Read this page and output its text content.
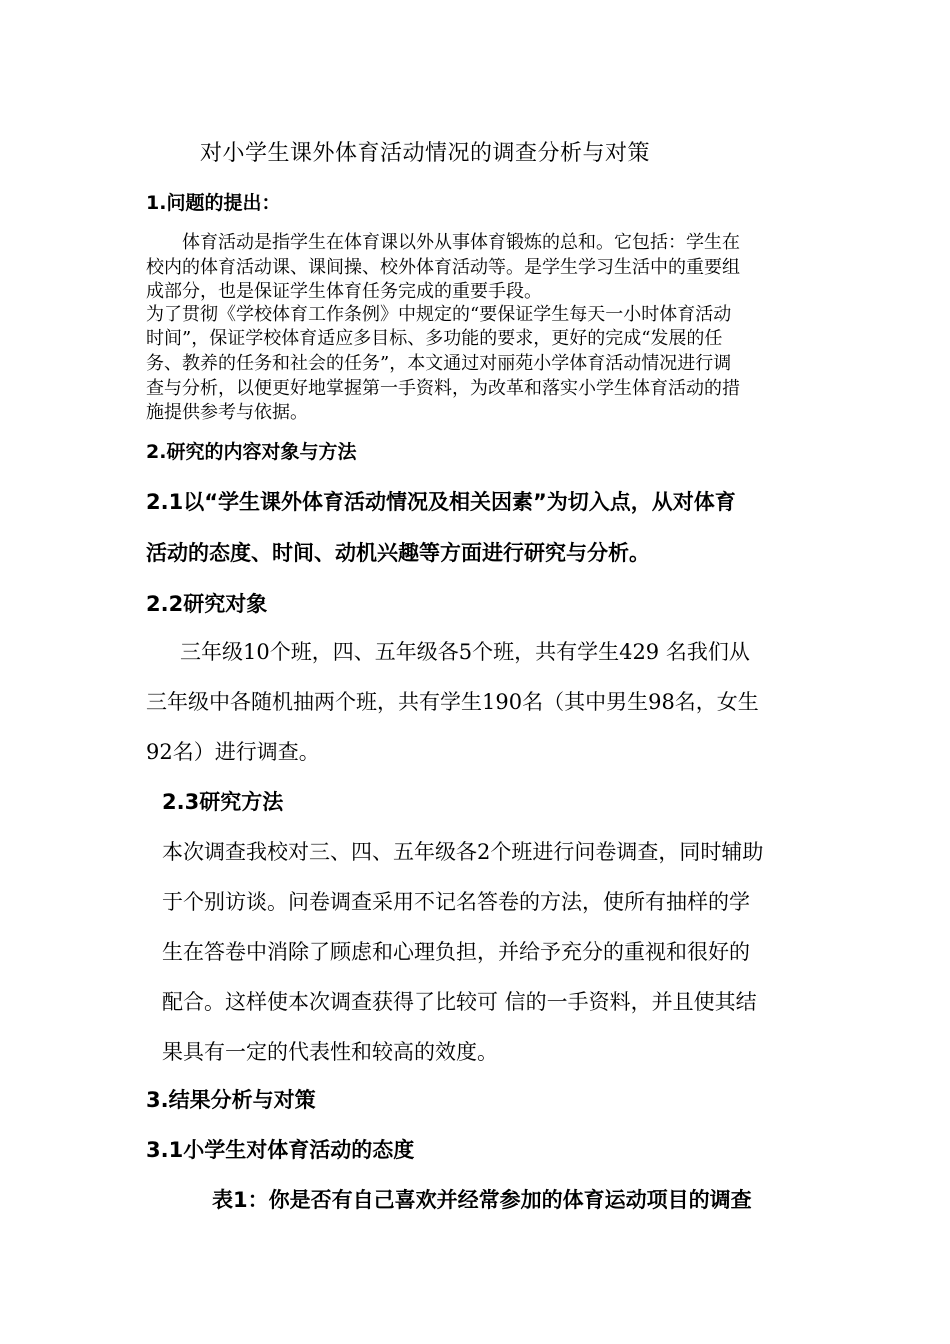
对小学生课外体育活动情况的调查分析与对策
1.问题的提出：
　　体育活动是指学生在体育课以外从事体育锻炼的总和。它包括：学生在
校内的体育活动课、课间操、校外体育活动等。是学生学习生活中的重要组
成部分，也是保证学生体育任务完成的重要手段。
为了贯彻《学校体育工作条例》中规定的“要保证学生每天一小时体育活动
时间”，保证学校体育适应多目标、多功能的要求，更好的完成“发展的任
务、教养的任务和社会的任务”，本文通过对丽苑小学体育活动情况进行调
查与分析，以便更好地掌握第一手资料，为改革和落实小学生体育活动的措
施提供参考与依据。
2.研究的内容对象与方法
2.1以“学生课外体育活动情况及相关因素”为切入点，从对体育
活动的态度、时间、动机兴趣等方面进行研究与分析。
2.2研究对象
三年级10个班，四、五年级各5个班，共有学生429 名我们从
三年级中各随机抽两个班，共有学生190名（其中男生98名，女生
92名）进行调查。
2.3研究方法
本次调查我校对三、四、五年级各2个班进行问卷调查，同时辅助
于个别访谈。问卷调查采用不记名答卷的方法，使所有抽样的学
生在答卷中消除了顾虑和心理负担，并给予充分的重视和很好的
配合。这样使本次调查获得了比较可 信的一手资料，并且使其结
果具有一定的代表性和较高的效度。
3.结果分析与对策
3.1小学生对体育活动的态度
表1：你是否有自己喜欢并经常参加的体育运动项目的调查
